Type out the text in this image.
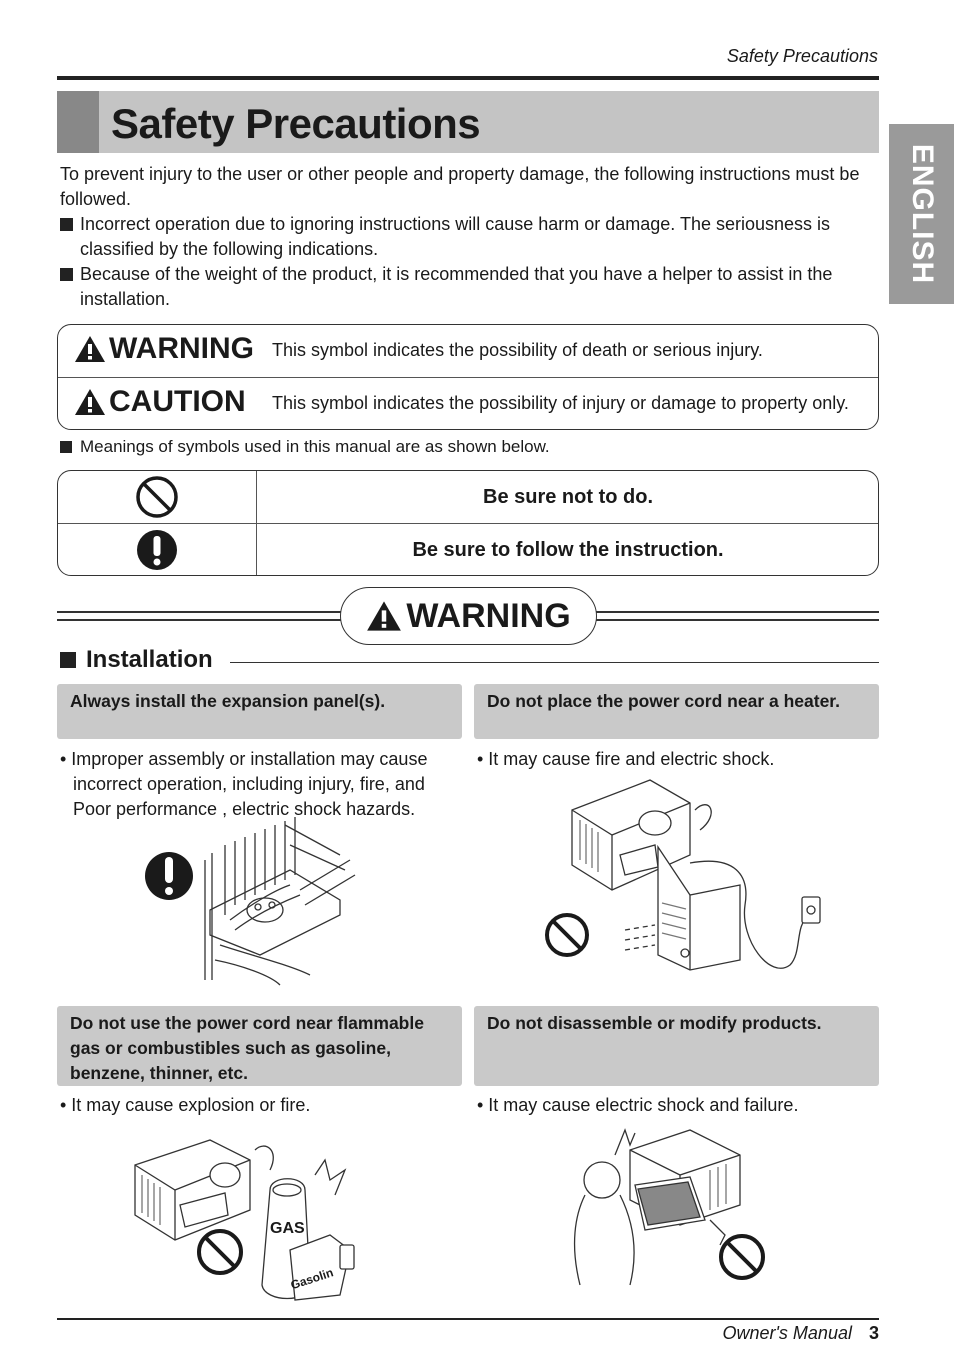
Safety Precautions
Safety Precautions
ENGLISH
To prevent injury to the user or other people and property damage, the following instructions must be followed.
Incorrect operation due to ignoring instructions will cause harm or damage. The seriousness is classified by the following indications.
Because of the weight of the product, it is recommended that you have a helper to assist in the installation.
WARNING This symbol indicates the possibility of death or serious injury.
CAUTION This symbol indicates the possibility of injury or damage to property only.
Meanings of symbols used in this manual are as shown below.
Be sure not to do.
Be sure to follow the instruction.
WARNING
Installation
Always install the expansion panel(s).
• Improper assembly or installation may cause
incorrect operation, including injury, fire, and
Poor performance , electric shock hazards.
Do not place the power cord near a heater.
• It may cause fire and electric shock.
Do not use the power cord near flammable gas or combustibles such as gasoline, benzene, thinner, etc.
• It may cause explosion or fire.
GAS
Gasolin
Do not disassemble or modify products.
• It may cause electric shock and failure.
Owner's Manual 3
